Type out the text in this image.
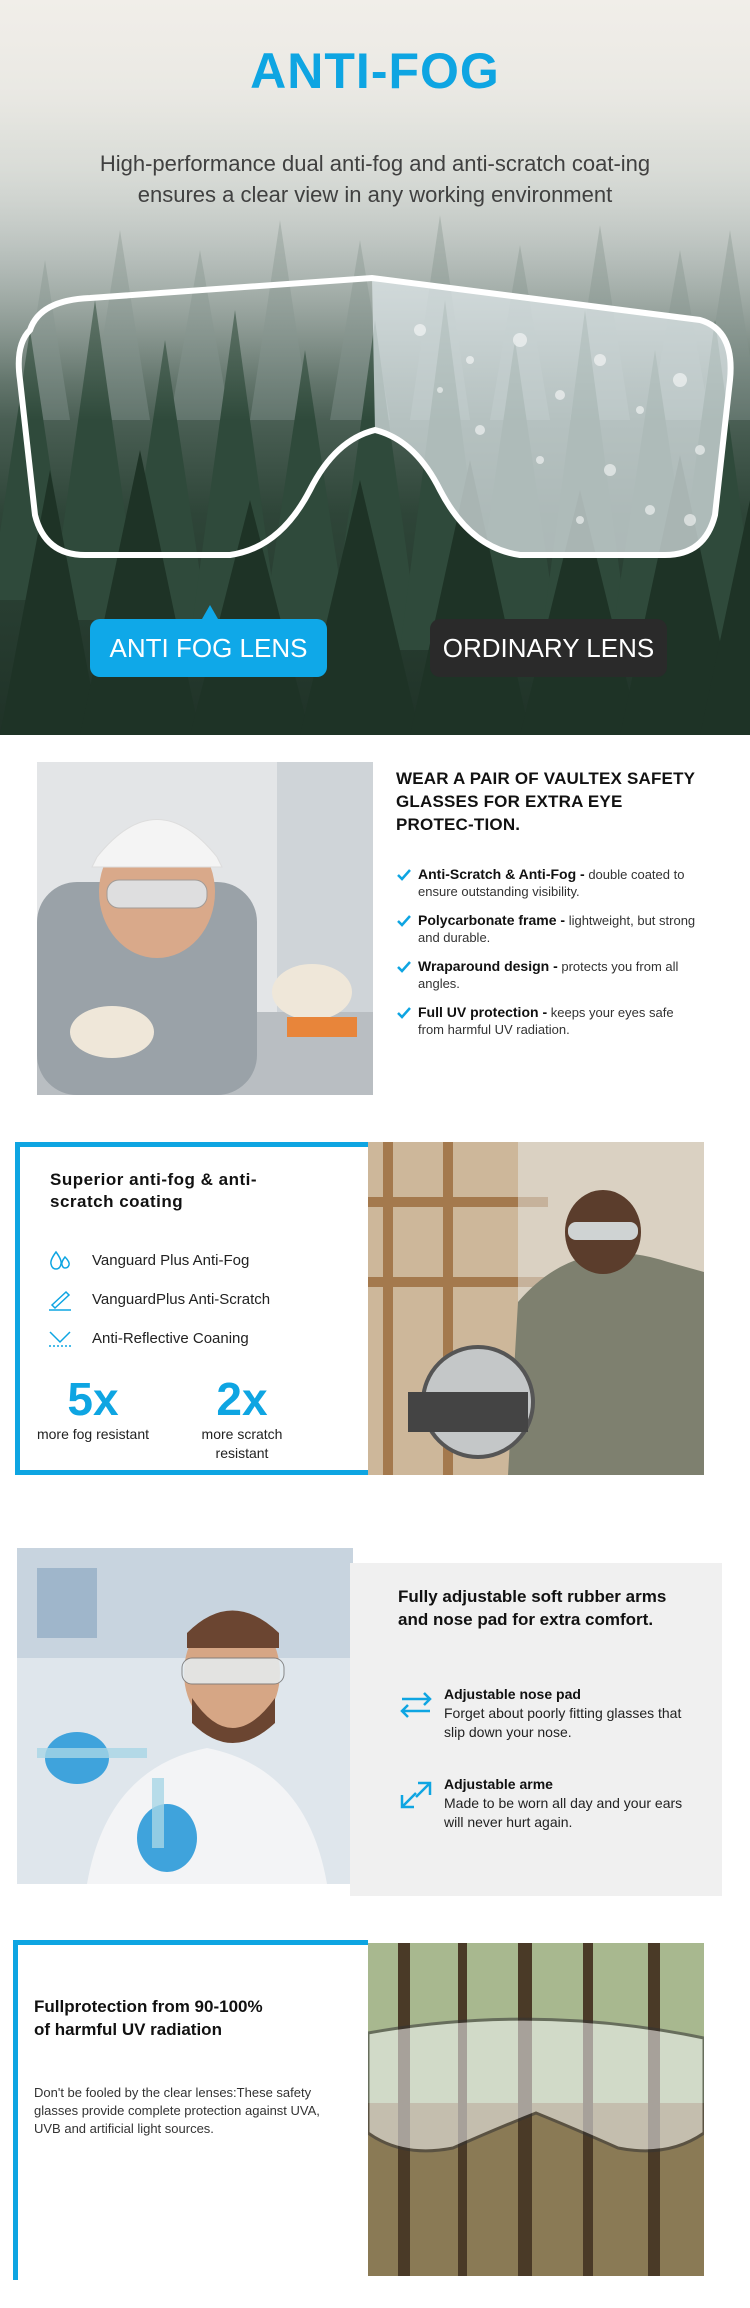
ANTI-FOG
High-performance dual anti-fog and anti-scratch coat-ing ensures a clear view in any working environment
ANTI FOG LENS	ORDINARY LENS
WEAR A PAIR OF VAULTEX SAFETY GLASSES FOR EXTRA EYE PROTEC-TION.
Anti-Scratch & Anti-Fog - double coated to ensure outstanding visibility.
Polycarbonate frame - lightweight, but strong and durable.
Wraparound design - protects you from all angles.
Full UV protection - keeps your eyes safe from harmful UV radiation.
Superior anti-fog & anti-scratch coating
Vanguard Plus Anti-Fog
VanguardPlus Anti-Scratch
Anti-Reflective Coaning
5x
more fog resistant
2x
more scratch resistant
Fully adjustable soft rubber arms and nose pad for extra comfort.
Adjustable nose pad
Forget about poorly fitting glasses that slip down your nose.
Adjustable arme
Made to be worn all day and your ears will never hurt again.
Fullprotection from 90-100% of harmful UV radiation
Don't be fooled by the clear lenses:These safety glasses provide complete protection against UVA, UVB and artificial light sources.
